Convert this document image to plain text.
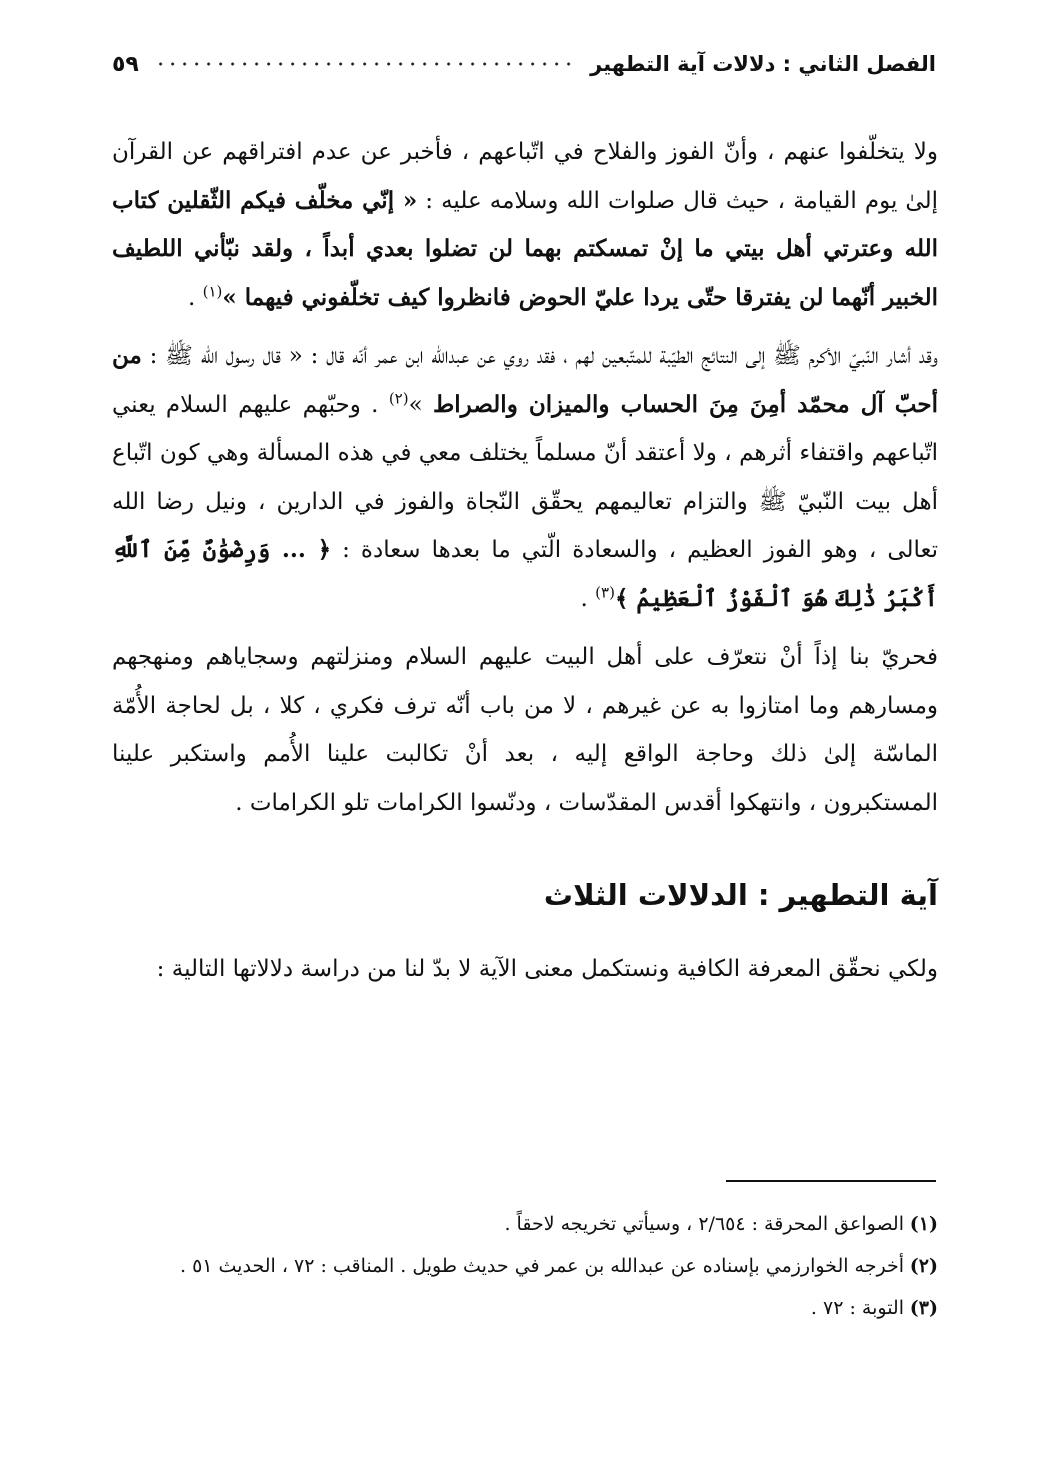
الفصل الثاني : دلالات آية التطهير
٥٩
ولا يتخلّفوا عنهم ، وأنّ الفوز والفلاح في اتّباعهم ، فأخبر عن عدم افتراقهم عن القرآن إلىٰ يوم القيامة ، حيث قال صلوات الله وسلامه عليه : « إنّي مخلّف فيكم الثّقلين كتاب الله وعترتي أهل بيتي ما إنْ تمسكتم بهما لن تضلوا بعدي أبداً ، ولقد نبّأني اللطيف الخبير أنّهما لن يفترقا حتّى يردا عليّ الحوض فانظروا كيف تخلّفوني فيهما »$^{(١)}$ .
وقد أشار النّبيّ الأكرم ﷺ إلى النتائج الطيّبة للمتّبعين لهم ، فقد روي عن عبدالله ابن عمر أنّه قال : « قال رسول الله ﷺ : من أحبّ آل محمّد أمِنَ مِنَ الحساب والميزان والصراط »$^{(٢)}$ . وحبّهم عليهم السلام يعني اتّباعهم واقتفاء أثرهم ، ولا أعتقد أنّ مسلماً يختلف معي في هذه المسألة وهي كون اتّباع أهل بيت النّبيّ ﷺ والتزام تعاليمهم يحقّق النّجاة والفوز في الدارين ، ونيل رضا الله تعالى ، وهو الفوز العظيم ، والسعادة الّتي ما بعدها سعادة : ﴿ ... وَرِضْوَٰنٌ مِّنَ ٱللَّهِ أَكْبَرُ ذَٰلِكَ هُوَ ٱلْفَوْزُ ٱلْعَظِيمُ ﴾$^{(٣)}$ .
فحريّ بنا إذاً أنْ نتعرّف على أهل البيت عليهم السلام ومنزلتهم وسجاياهم ومنهجهم ومسارهم وما امتازوا به عن غيرهم ، لا من باب أنّه ترف فكري ، كلا ، بل لحاجة الأُمّة الماسّة إلىٰ ذلك وحاجة الواقع إليه ، بعد أنْ تكالبت علينا الأُمم واستكبر علينا المستكبرون ، وانتهكوا أقدس المقدّسات ، ودنّسوا الكرامات تلو الكرامات .
آية التطهير : الدلالات الثلاث
ولكي نحقّق المعرفة الكافية ونستكمل معنى الآية لا بدّ لنا من دراسة دلالاتها التالية :
(١)
الصواعق المحرقة : ٢/٦٥٤ ، وسيأتي تخريجه لاحقاً .
(٢)
أخرجه الخوارزمي بإسناده عن عبدالله بن عمر في حديث طويل . المناقب : ٧٢ ، الحديث ٥١ .
(٣)
التوبة : ٧٢ .
